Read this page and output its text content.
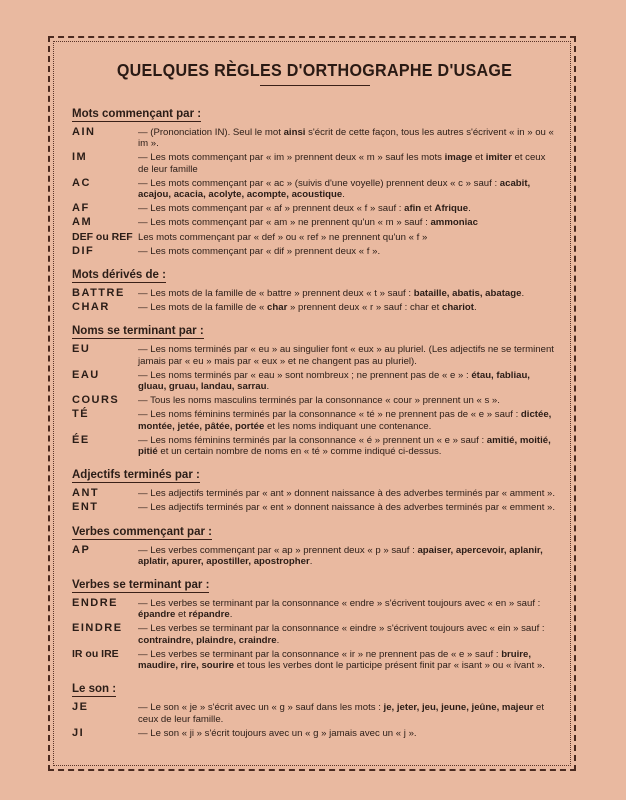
QUELQUES RÈGLES D'ORTHOGRAPHE D'USAGE
Mots commençant par :
AIN	— (Prononciation IN). Seul le mot ainsi s'écrit de cette façon, tous les autres s'écrivent « in » ou « im ».
IM	— Les mots commençant par « im » prennent deux « m » sauf les mots image et imiter et ceux de leur famille
AC	— Les mots commençant par « ac » (suivis d'une voyelle) prennent deux « c » sauf : acabit, acajou, acacia, acolyte, acompte, acoustique.
AF	— Les mots commençant par « af » prennent deux « f » sauf : afin et Afrique.
AM	— Les mots commençant par « am » ne prennent qu'un « m » sauf : ammoniac
DEF ou REF Les mots commençant par « def » ou « ref » ne prennent qu'un « f »
DIF	— Les mots commençant par « dif » prennent deux « f ».
Mots dérivés de :
BATTRE	— Les mots de la famille de « battre » prennent deux « t » sauf : bataille, abatis, abatage.
CHAR	— Les mots de la famille de « char » prennent deux « r » sauf : char et chariot.
Noms se terminant par :
EU	— Les noms terminés par « eu » au singulier font « eux » au pluriel. (Les adjectifs ne se terminent jamais par « eu » mais par « eux » et ne changent pas au pluriel).
EAU	— Les noms terminés par « eau » sont nombreux ; ne prennent pas de « e » : étau, fabliau, gluau, gruau, landau, sarrau.
COURS	— Tous les noms masculins terminés par la consonnance « cour » prennent un « s ».
TÉ	— Les noms féminins terminés par la consonnance « té » ne prennent pas de « e » sauf : dictée, montée, jetée, pâtée, portée et les noms indiquant une contenance.
ÉE	— Les noms féminins terminés par la consonnance « é » prennent un « e » sauf : amitié, moitié, pitié et un certain nombre de noms en « té » comme indiqué ci-dessus.
Adjectifs terminés par :
ANT	— Les adjectifs terminés par « ant » donnent naissance à des adverbes terminés par « amment ».
ENT	— Les adjectifs terminés par « ent » donnent naissance à des adverbes terminés par « emment ».
Verbes commençant par :
AP	— Les verbes commençant par « ap » prennent deux « p » sauf : apaiser, apercevoir, aplanir, aplatir, apurer, apostiller, apostropher.
Verbes se terminant par :
ENDRE	— Les verbes se terminant par la consonnance « endre » s'écrivent toujours avec « en » sauf : épandre et répandre.
EINDRE	— Les verbes se terminant par la consonnance « eindre » s'écrivent toujours avec « ein » sauf : contraindre, plaindre, craindre.
IR ou IRE	— Les verbes se terminant par la consonnance « ir » ne prennent pas de « e » sauf : bruire, maudire, rire, sourire et tous les verbes dont le participe présent finit par « isant » ou « ivant ».
Le son :
JE	— Le son « je » s'écrit avec un « g » sauf dans les mots : je, jeter, jeu, jeune, jeûne, majeur et ceux de leur famille.
JI	— Le son « ji » s'écrit toujours avec un « g » jamais avec un « j ».
